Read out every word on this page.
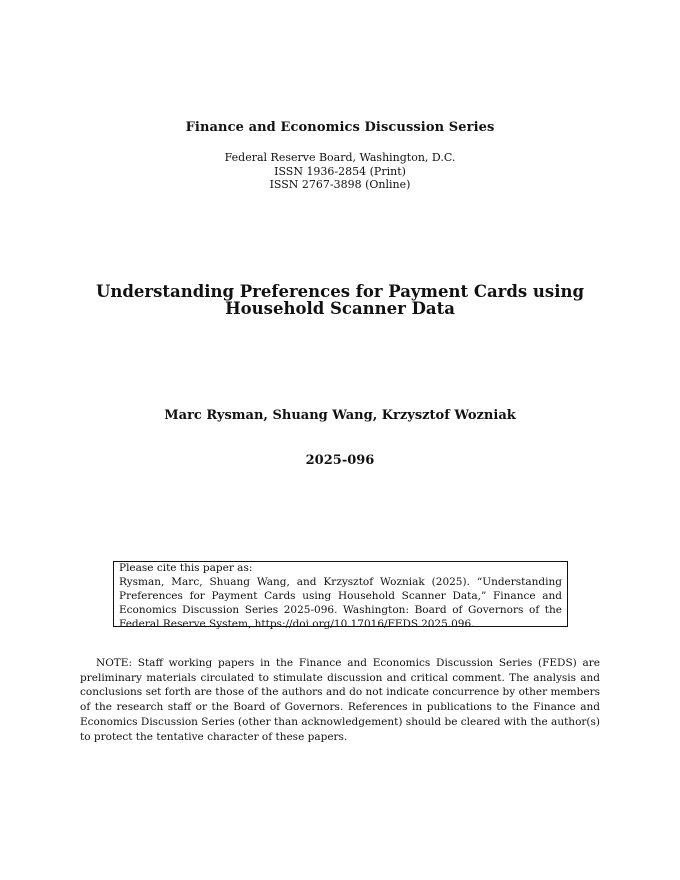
Finance and Economics Discussion Series
Federal Reserve Board, Washington, D.C.
ISSN 1936-2854 (Print)
ISSN 2767-3898 (Online)
Understanding Preferences for Payment Cards using Household Scanner Data
Marc Rysman, Shuang Wang, Krzysztof Wozniak
2025-096
Please cite this paper as:
Rysman, Marc, Shuang Wang, and Krzysztof Wozniak (2025). “Understanding Preferences for Payment Cards using Household Scanner Data,” Finance and Economics Discussion Series 2025-096. Washington: Board of Governors of the Federal Reserve System, https://doi.org/10.17016/FEDS.2025.096.
NOTE: Staff working papers in the Finance and Economics Discussion Series (FEDS) are preliminary materials circulated to stimulate discussion and critical comment. The analysis and conclusions set forth are those of the authors and do not indicate concurrence by other members of the research staff or the Board of Governors. References in publications to the Finance and Economics Discussion Series (other than acknowledgement) should be cleared with the author(s) to protect the tentative character of these papers.
